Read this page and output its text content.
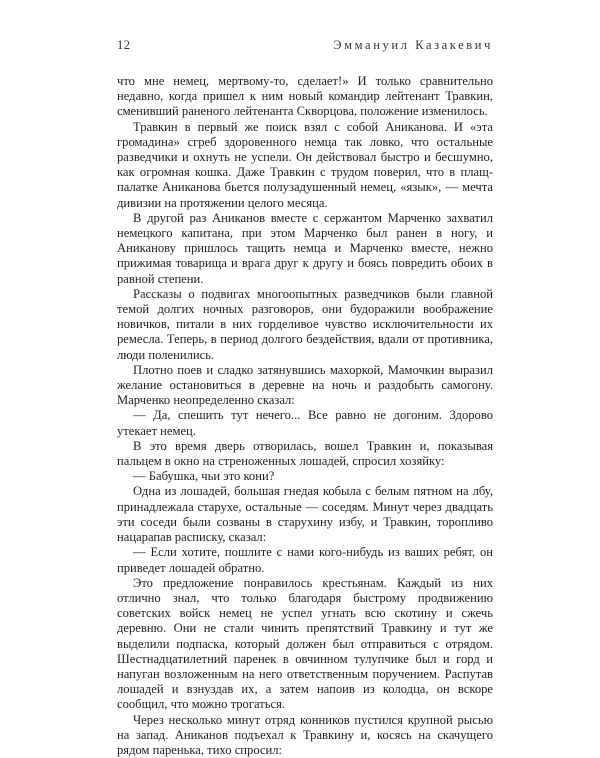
12	Эммануил Казакевич

что мне немец, мертвому-то, сделает!» И только сравнительно недавно, когда пришел к ним новый командир лейтенант Травкин, сменивший раненого лейтенанта Скворцова, положение изменилось.

Травкин в первый же поиск взял с собой Аниканова. И «эта громадина» сгреб здоровенного немца так ловко, что остальные разведчики и охнуть не успели. Он действовал быстро и бесшумно, как огромная кошка. Даже Травкин с трудом поверил, что в плащ-палатке Аниканова бьется полузадушенный немец, «язык», — мечта дивизии на протяжении целого месяца.

В другой раз Аниканов вместе с сержантом Марченко захватил немецкого капитана, при этом Марченко был ранен в ногу, и Аниканову пришлось тащить немца и Марченко вместе, нежно прижимая товарища и врага друг к другу и боясь повредить обоих в равной степени.

Рассказы о подвигах многоопытных разведчиков были главной темой долгих ночных разговоров, они будоражили воображение новичков, питали в них горделивое чувство исключительности их ремесла. Теперь, в период долгого бездействия, вдали от противника, люди поленились.

Плотно поев и сладко затянувшись махоркой, Мамочкин выразил желание остановиться в деревне на ночь и раздобыть самогону. Марченко неопределенно сказал:

— Да, спешить тут нечего... Все равно не догоним. Здорово утекает немец.

В это время дверь отворилась, вошел Травкин и, показывая пальцем в окно на стреноженных лошадей, спросил хозяйку:

— Бабушка, чьи это кони?

Одна из лошадей, большая гнедая кобыла с белым пятном на лбу, принадлежала старухе, остальные — соседям. Минут через двадцать эти соседи были созваны в старухину избу, и Травкин, торопливо нацарапав расписку, сказал:

— Если хотите, пошлите с нами кого-нибудь из ваших ребят, он приведет лошадей обратно.

Это предложение понравилось крестьянам. Каждый из них отлично знал, что только благодаря быстрому продвижению советских войск немец не успел угнать всю скотину и сжечь деревню. Они не стали чинить препятствий Травкину и тут же выделили подпаска, который должен был отправиться с отрядом. Шестнадцатилетний паренек в овчинном тулупчике был и горд и напуган возложенным на него ответственным поручением. Распутав лошадей и взнуздав их, а затем напоив из колодца, он вскоре сообщил, что можно трогаться.

Через несколько минут отряд конников пустился крупной рысью на запад. Аниканов подъехал к Травкину и, косясь на скачущего рядом паренька, тихо спросил:
